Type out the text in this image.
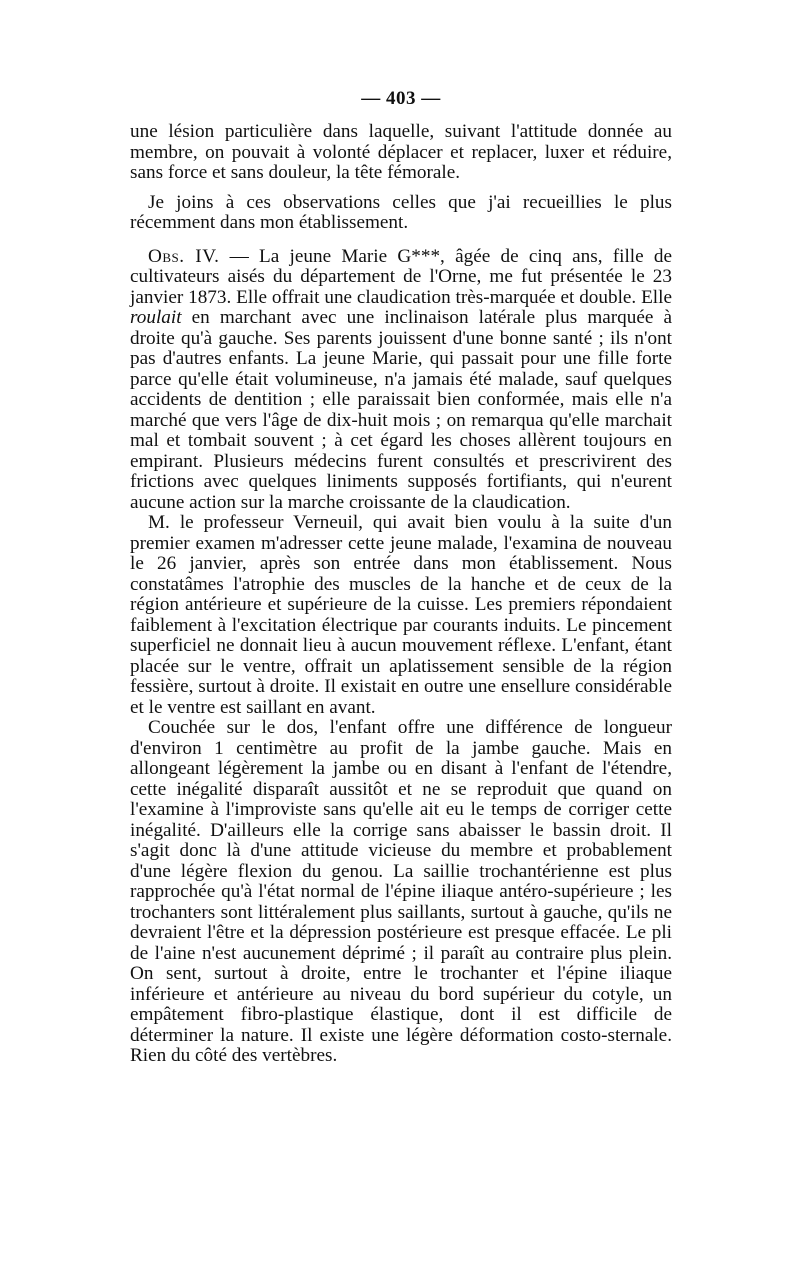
— 403 —

une lésion particulière dans laquelle, suivant l'attitude donnée au membre, on pouvait à volonté déplacer et replacer, luxer et réduire, sans force et sans douleur, la tête fémorale.

Je joins à ces observations celles que j'ai recueillies le plus récemment dans mon établissement.

Obs. IV. — La jeune Marie G***, âgée de cinq ans, fille de cultivateurs aisés du département de l'Orne, me fut présentée le 23 janvier 1873. Elle offrait une claudication très-marquée et double. Elle roulait en marchant avec une inclinaison latérale plus marquée à droite qu'à gauche. Ses parents jouissent d'une bonne santé ; ils n'ont pas d'autres enfants. La jeune Marie, qui passait pour une fille forte parce qu'elle était volumineuse, n'a jamais été malade, sauf quelques accidents de dentition ; elle paraissait bien conformée, mais elle n'a marché que vers l'âge de dix-huit mois ; on remarqua qu'elle marchait mal et tombait souvent ; à cet égard les choses allèrent toujours en empirant. Plusieurs médecins furent consultés et prescrivirent des frictions avec quelques liniments supposés fortifiants, qui n'eurent aucune action sur la marche croissante de la claudication.

M. le professeur Verneuil, qui avait bien voulu à la suite d'un premier examen m'adresser cette jeune malade, l'examina de nouveau le 26 janvier, après son entrée dans mon établissement. Nous constatâmes l'atrophie des muscles de la hanche et de ceux de la région antérieure et supérieure de la cuisse. Les premiers répondaient faiblement à l'excitation électrique par courants induits. Le pincement superficiel ne donnait lieu à aucun mouvement réflexe. L'enfant, étant placée sur le ventre, offrait un aplatissement sensible de la région fessière, surtout à droite. Il existait en outre une ensellure considérable et le ventre est saillant en avant.

Couchée sur le dos, l'enfant offre une différence de longueur d'environ 1 centimètre au profit de la jambe gauche. Mais en allongeant légèrement la jambe ou en disant à l'enfant de l'étendre, cette inégalité disparaît aussitôt et ne se reproduit que quand on l'examine à l'improviste sans qu'elle ait eu le temps de corriger cette inégalité. D'ailleurs elle la corrige sans abaisser le bassin droit. Il s'agit donc là d'une attitude vicieuse du membre et probablement d'une légère flexion du genou. La saillie trochantérienne est plus rapprochée qu'à l'état normal de l'épine iliaque antéro-supérieure ; les trochanters sont littéralement plus saillants, surtout à gauche, qu'ils ne devraient l'être et la dépression postérieure est presque effacée. Le pli de l'aine n'est aucunement déprimé ; il paraît au contraire plus plein. On sent, surtout à droite, entre le trochanter et l'épine iliaque inférieure et antérieure au niveau du bord supérieur du cotyle, un empâtement fibro-plastique élastique, dont il est difficile de déterminer la nature. Il existe une légère déformation costo-sternale. Rien du côté des vertèbres.
